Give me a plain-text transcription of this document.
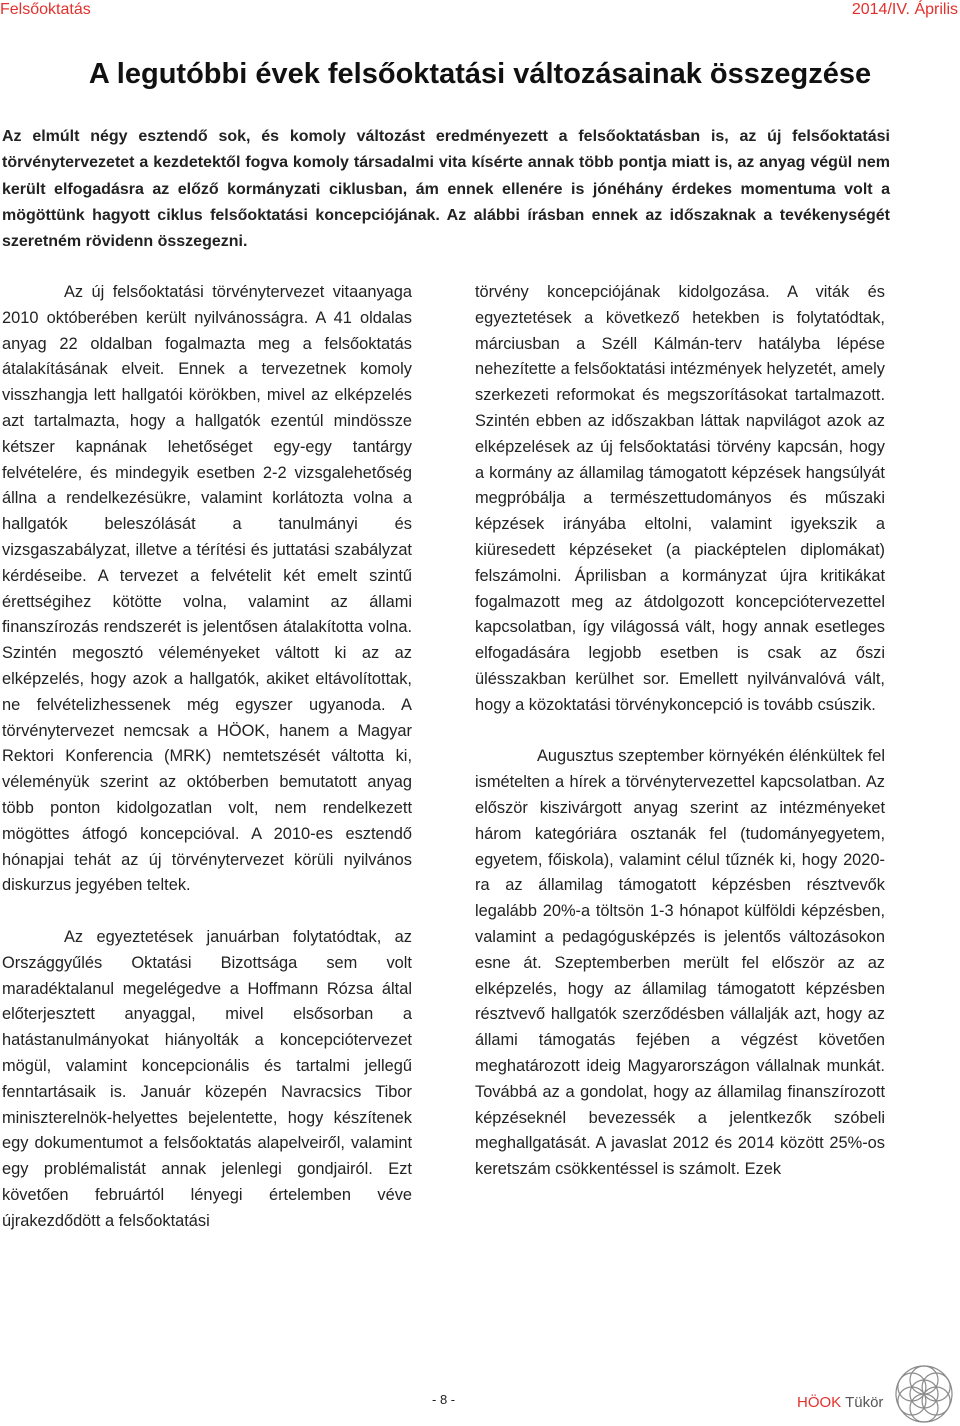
Felsőoktatás	2014/IV. Április
A legutóbbi évek felsőoktatási változásainak összegzése

Az elmúlt négy esztendő sok, és komoly változást eredményezett a felsőoktatásban is, az új felsőoktatási törvénytervezetet a kezdetektől fogva komoly társadalmi vita kísérte annak több pontja miatt is, az anyag végül nem került elfogadásra az előző kormányzati ciklusban, ám ennek ellenére is jónéhány érdekes momentuma volt a mögöttünk hagyott ciklus felsőoktatási koncepciójának. Az alábbi írásban ennek az időszaknak a tevékenységét szeretném rövidenn összegezni.

Az új felsőoktatási törvénytervezet vitaanyaga 2010 októberében került nyilvánosságra. A 41 oldalas anyag 22 oldalban fogalmazta meg a felsőoktatás átalakításának elveit. Ennek a tervezetnek komoly visszhangja lett hallgatói körökben, mivel az elképzelés azt tartalmazta, hogy a hallgatók ezentúl mindössze kétszer kapnának lehetőséget egy-egy tantárgy felvételére, és mindegyik esetben 2-2 vizsgalehetőség állna a rendelkezésükre, valamint korlátozta volna a hallgatók beleszólását a tanulmányi és vizsgaszabályzat, illetve a térítési és juttatási szabályzat kérdéseibe. A tervezet a felvételit két emelt szintű érettségihez kötötte volna, valamint az állami finanszírozás rendszerét is jelentősen átalakította volna. Szintén megosztó véleményeket váltott ki az az elképzelés, hogy azok a hallgatók, akiket eltávolítottak, ne felvételizhessenek még egyszer ugyanoda. A törvénytervezet nemcsak a HÖOK, hanem a Magyar Rektori Konferencia (MRK) nemtetszését váltotta ki, véleményük szerint az októberben bemutatott anyag több ponton kidolgozatlan volt, nem rendelkezett mögöttes átfogó koncepcióval. A 2010-es esztendő hónapjai tehát az új törvénytervezet körüli nyilvános diskurzus jegyében teltek.

Az egyeztetések januárban folytatódtak, az Országgyűlés Oktatási Bizottsága sem volt maradéktalanul megelégedve a Hoffmann Rózsa által előterjesztett anyaggal, mivel elsősorban a hatástanulmányokat hiányolták a koncepciótervezet mögül, valamint koncepcionális és tartalmi jellegű fenntartásaik is. Január közepén Navracsics Tibor miniszterelnök-helyettes bejelentette, hogy készítenek egy dokumentumot a felsőoktatás alapelveiről, valamint egy problémalistát annak jelenlegi gondjairól. Ezt követően februártól lényegi értelemben véve újrakezdődött a felsőoktatási

törvény koncepciójának kidolgozása. A viták és egyeztetések a következő hetekben is folytatódtak, márciusban a Széll Kálmán-terv hatályba lépése nehezítette a felsőoktatási intézmények helyzetét, amely szerkezeti reformokat és megszorításokat tartalmazott. Szintén ebben az időszakban láttak napvilágot azok az elképzelések az új felsőoktatási törvény kapcsán, hogy a kormány az államilag támogatott képzések hangsúlyát megpróbálja a természettudományos és műszaki képzések irányába eltolni, valamint igyekszik a kiüresedett képzéseket (a piacképtelen diplomákat) felszámolni. Áprilisban a kormányzat újra kritikákat fogalmazott meg az átdolgozott koncepciótervezettel kapcsolatban, így világossá vált, hogy annak esetleges elfogadására legjobb esetben is csak az őszi ülésszakban kerülhet sor. Emellett nyilvánvalóvá vált, hogy a közoktatási törvénykoncepció is tovább csúszik.

Augusztus szeptember környékén élénkültek fel ismételten a hírek a törvénytervezettel kapcsolatban. Az először kiszivárgott anyag szerint az intézményeket három kategóriára osztanák fel (tudományegyetem, egyetem, főiskola), valamint célul tűznék ki, hogy 2020-ra az államilag támogatott képzésben résztvevők legalább 20%-a töltsön 1-3 hónapot külföldi képzésben, valamint a pedagógusképzés is jelentős változásokon esne át. Szeptemberben merült fel először az az elképzelés, hogy az államilag támogatott képzésben résztvevő hallgatók szerződésben vállalják azt, hogy az állami támogatás fejében a végzést követően meghatározott ideig Magyarországon vállalnak munkát. Továbbá az a gondolat, hogy az államilag finanszírozott képzéseknél bevezessék a jelentkezők szóbeli meghallgatását. A javaslat 2012 és 2014 között 25%-os keretszám csökkentéssel is számolt. Ezek

- 8 -	HÖOK Tükör
